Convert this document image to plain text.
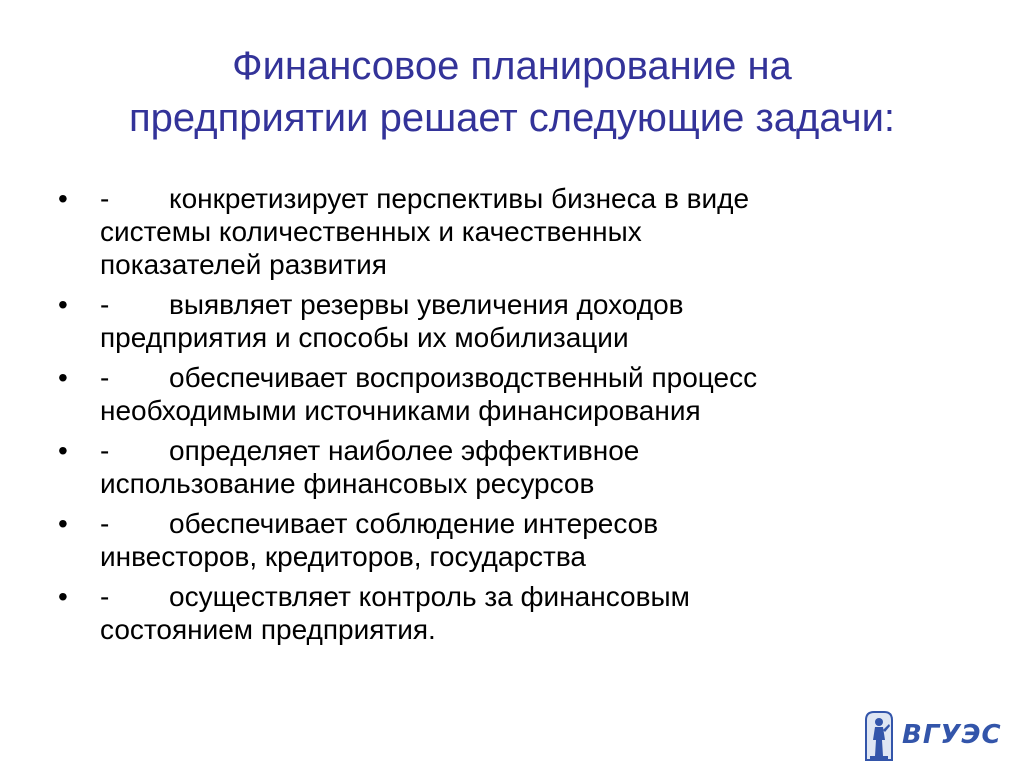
Финансовое планирование на
предприятии решает следующие задачи:
•	- конкретизирует перспективы бизнеса в виде
системы количественных и качественных
показателей развития
•	- выявляет резервы увеличения доходов
предприятия и способы их мобилизации
•	- обеспечивает воспроизводственный процесс
необходимыми источниками финансирования
•	- определяет наиболее эффективное
использование финансовых ресурсов
•	- обеспечивает соблюдение интересов
инвесторов, кредиторов, государства
•	- осуществляет контроль за финансовым
состоянием предприятия.
ВГУЭС
